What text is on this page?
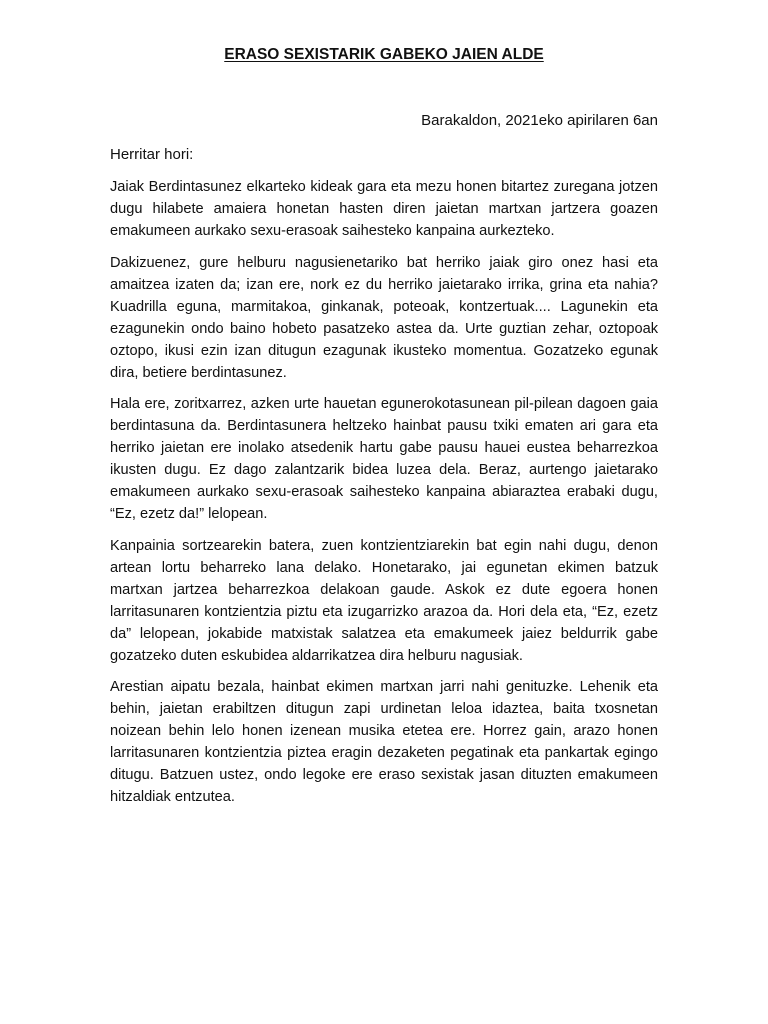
ERASO SEXISTARIK GABEKO JAIEN ALDE
Barakaldon, 2021eko apirilaren 6an
Herritar hori:

Jaiak Berdintasunez elkarteko kideak gara eta mezu honen bitartez zuregana jotzen dugu hilabete amaiera honetan hasten diren jaietan martxan jartzera goazen emakumeen aurkako sexu-erasoak saihesteko kanpaina aurkezteko.

Dakizuenez, gure helburu nagusienetariko bat herriko jaiak giro onez hasi eta amaitzea izaten da; izan ere, nork ez du herriko jaietarako irrika, grina eta nahia? Kuadrilla eguna, marmitakoa, ginkanak, poteoak, kontzertuak.... Lagunekin eta ezagunekin ondo baino hobeto pasatzeko astea da. Urte guztian zehar, oztopoak oztopo, ikusi ezin izan ditugun ezagunak ikusteko momentua. Gozatzeko egunak dira, betiere berdintasunez.

Hala ere, zoritxarrez, azken urte hauetan egunerokotasunean pil-pilean dagoen gaia berdintasuna da. Berdintasunera heltzeko hainbat pausu txiki ematen ari gara eta herriko jaietan ere inolako atsedenik hartu gabe pausu hauei eustea beharrezkoa ikusten dugu. Ez dago zalantzarik bidea luzea dela. Beraz, aurtengo jaietarako emakumeen aurkako sexu-erasoak saihesteko kanpaina abiaraztea erabaki dugu, “Ez, ezetz da!” lelopean.

Kanpainia sortzearekin batera, zuen kontzientziarekin bat egin nahi dugu, denon artean lortu beharreko lana delako. Honetarako, jai egunetan ekimen batzuk martxan jartzea beharrezkoa delakoan gaude. Askok ez dute egoera honen larritasunaren kontzientzia piztu eta izugarrizko arazoa da. Hori dela eta, “Ez, ezetz da” lelopean, jokabide matxistak salatzea eta emakumeek jaiez beldurrik gabe gozatzeko duten eskubidea aldarrikatzea dira helburu nagusiak.

Arestian aipatu bezala, hainbat ekimen martxan jarri nahi genituzke. Lehenik eta behin, jaietan erabiltzen ditugun zapi urdinetan leloa idaztea, baita txosnetan noizean behin lelo honen izenean musika etetea ere. Horrez gain, arazo honen larritasunaren kontzientzia piztea eragin dezaketen pegatinak eta pankartak egingo ditugu. Batzuen ustez, ondo legoke ere eraso sexistak jasan dituzten emakumeen hitzaldiak entzutea.
